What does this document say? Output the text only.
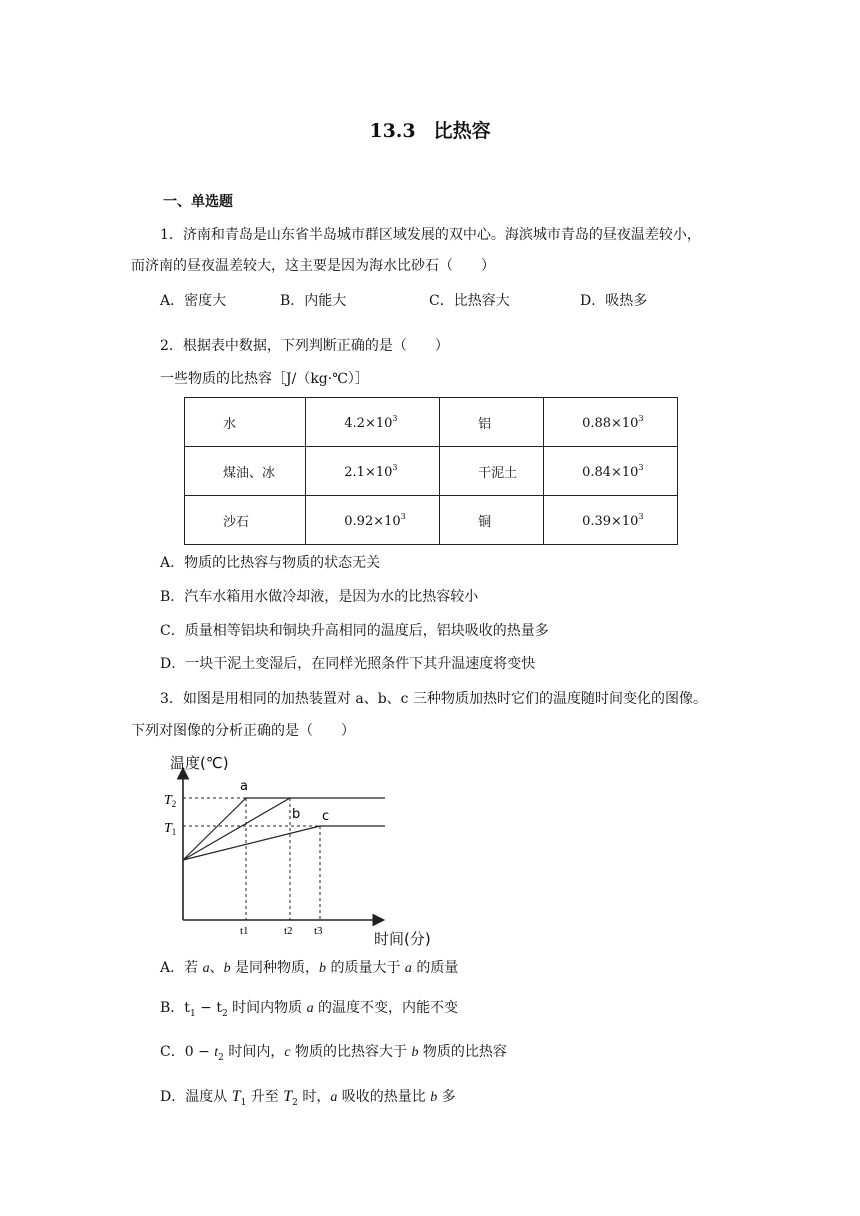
13.3 比热容
一、单选题
1．济南和青岛是山东省半岛城市群区域发展的双中心。海滨城市青岛的昼夜温差较小，
而济南的昼夜温差较大，这主要是因为海水比砂石（　　）
A．密度大	B．内能大	C．比热容大	D．吸热多
2．根据表中数据，下列判断正确的是（　　）
一些物质的比热容［J/（kg·℃）］
水	$4.2\times 10^3$	铝	$0.88\times 10^3$
煤油、冰	$2.1\times 10^3$	干泥土	$0.84\times 10^3$
沙石	$0.92\times 10^3$	铜	$0.39\times 10^3$
A．物质的比热容与物质的状态无关
B．汽车水箱用水做冷却液，是因为水的比热容较小
C．质量相等铝块和铜块升高相同的温度后，铝块吸收的热量多
D．一块干泥土变湿后，在同样光照条件下其升温速度将变快
3．如图是用相同的加热装置对 a、b、c 三种物质加热时它们的温度随时间变化的图像。
下列对图像的分析正确的是（　　）
温度(℃)
时间(分)
$T_2$
$T_1$
a
b c
t1	t2 t3
A．若 a、b 是同种物质，b 的质量大于 a 的质量
B．$t_1 - t_2$ 时间内物质 a 的温度不变，内能不变
C．$0 - t_2$ 时间内，c 物质的比热容大于 b 物质的比热容
D．温度从 $T_1$ 升至 $T_2$ 时，a 吸收的热量比 b 多
